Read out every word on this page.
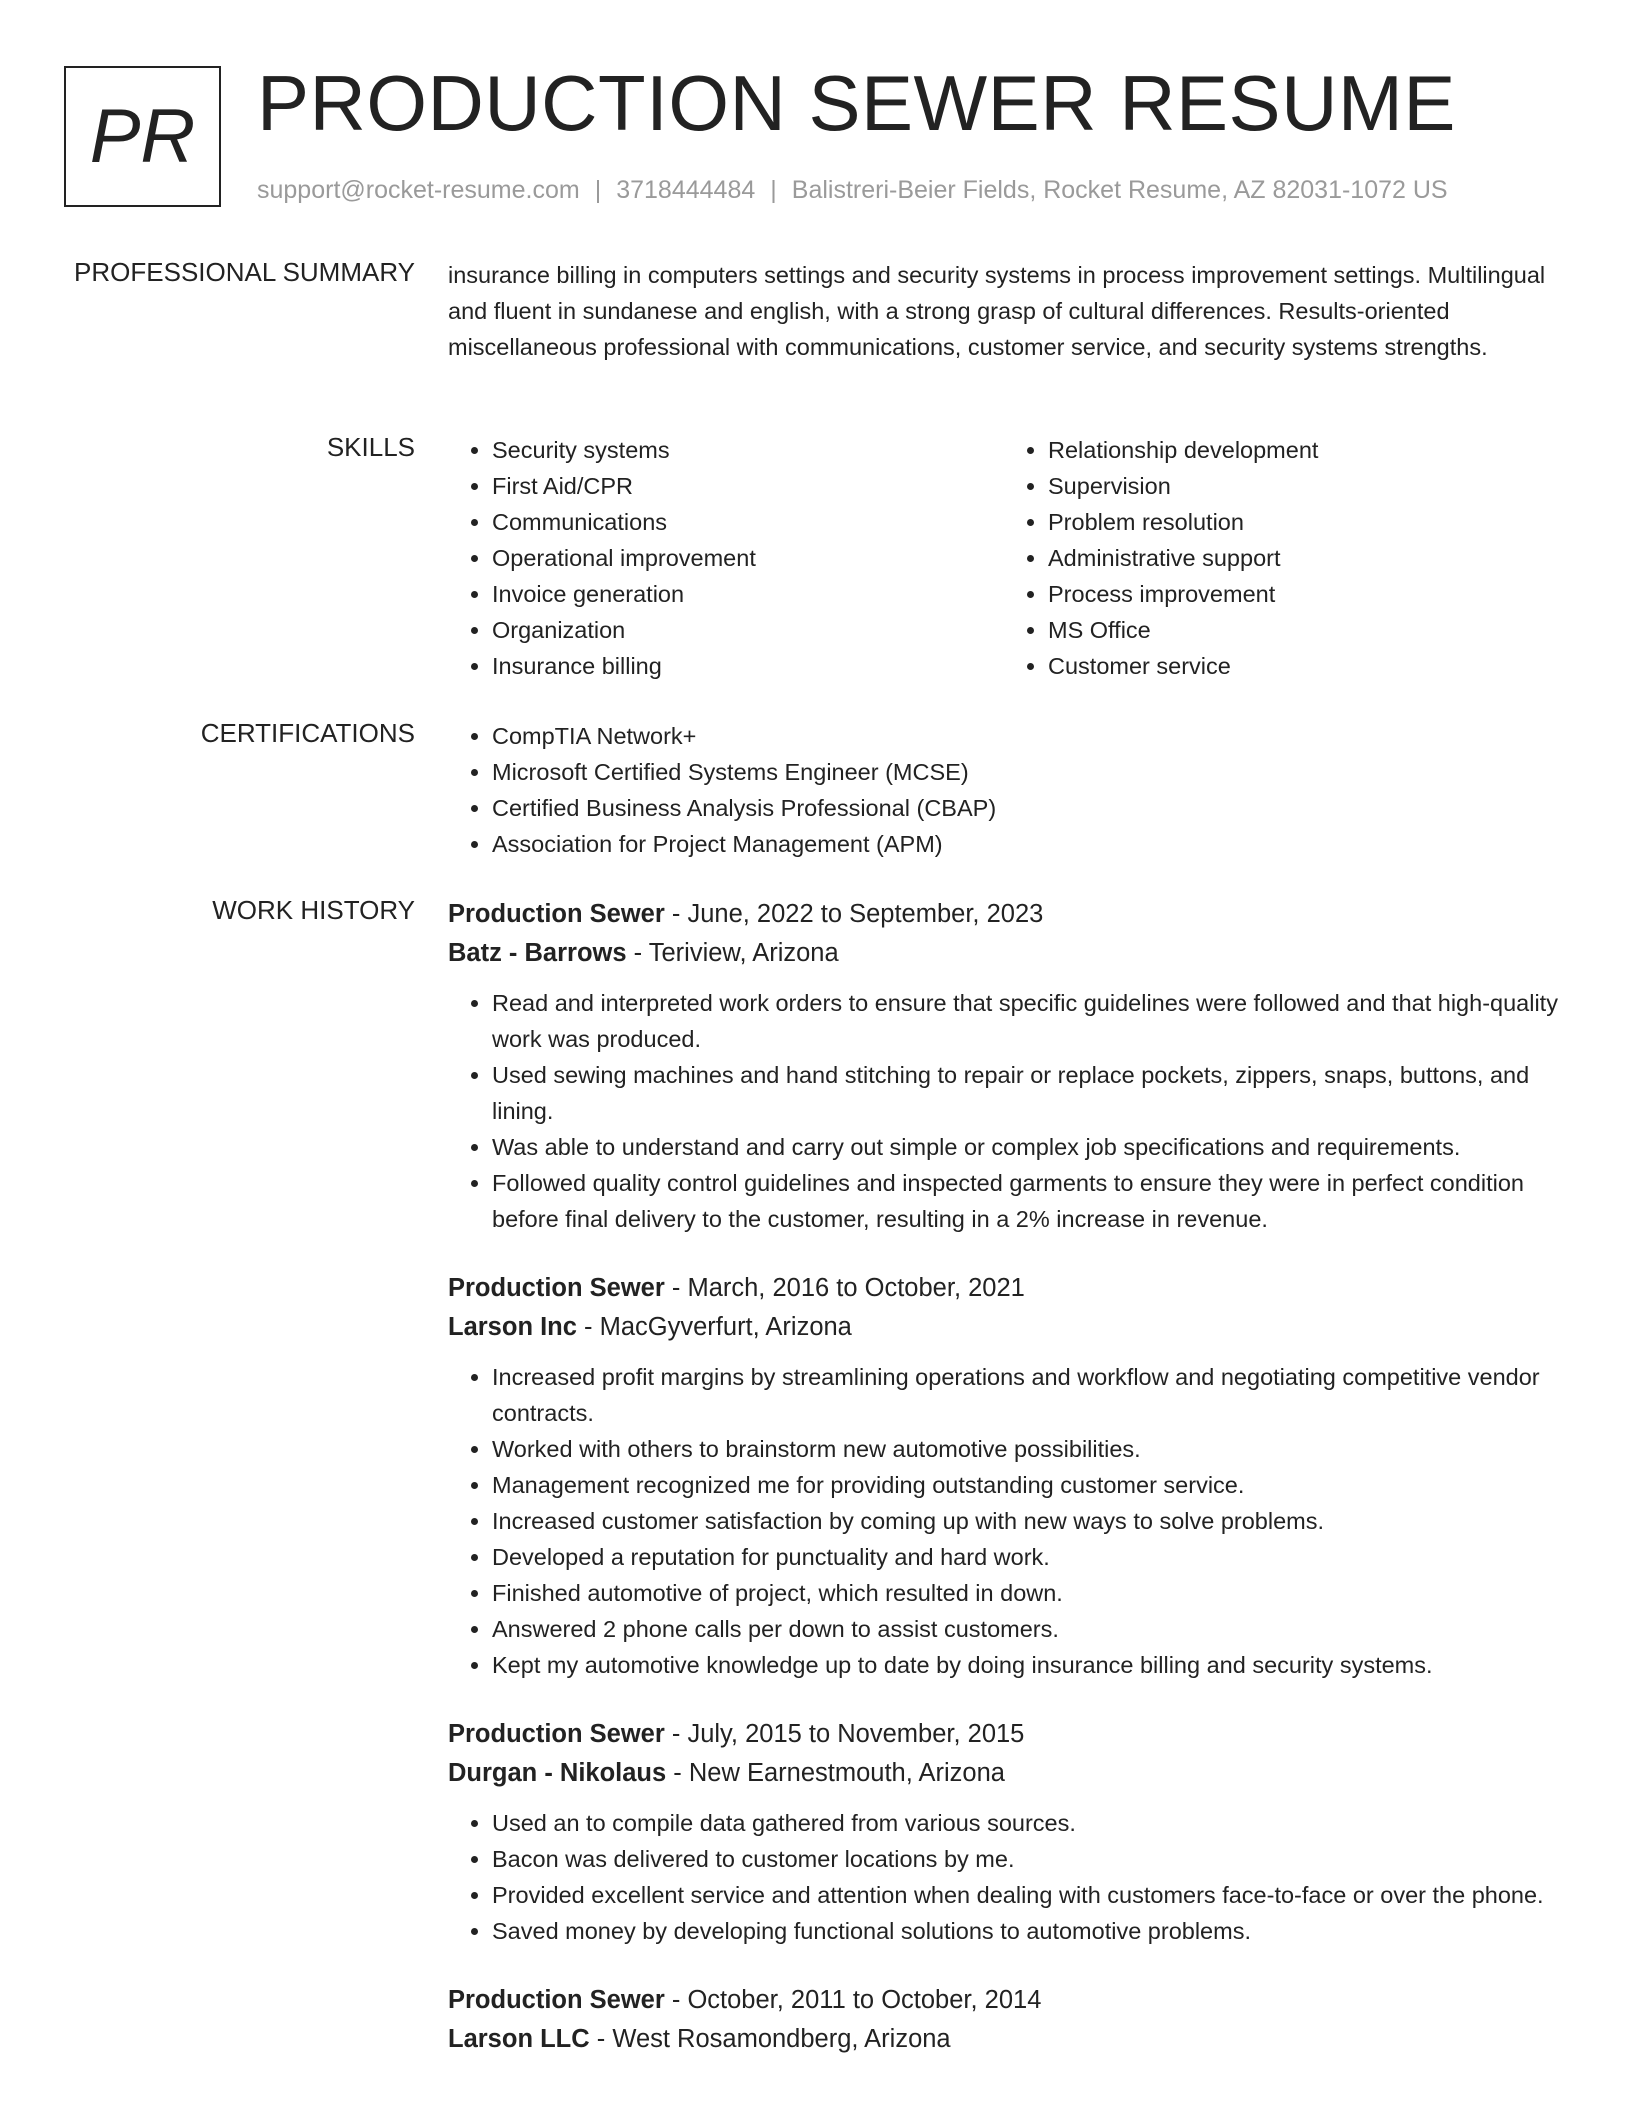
PR PRODUCTION SEWER RESUME
support@rocket-resume.com | 3718444484 | Balistreri-Beier Fields, Rocket Resume, AZ 82031-1072 US
PROFESSIONAL SUMMARY insurance billing in computers settings and security systems in process improvement settings. Multilingual and fluent in sundanese and english, with a strong grasp of cultural differences. Results-oriented miscellaneous professional with communications, customer service, and security systems strengths.
SKILLS	• Security systems
• First Aid/CPR
• Communications
• Operational improvement
• Invoice generation
• Organization
• Insurance billing
• Relationship development
• Supervision
• Problem resolution
• Administrative support
• Process improvement
• MS Office
• Customer service
CERTIFICATIONS	• CompTIA Network+
• Microsoft Certified Systems Engineer (MCSE)
• Certified Business Analysis Professional (CBAP)
• Association for Project Management (APM)
WORK HISTORY Production Sewer - June, 2022 to September, 2023
Batz - Barrows - Teriview, Arizona
• Read and interpreted work orders to ensure that specific guidelines were followed and that high-quality work was produced.
• Used sewing machines and hand stitching to repair or replace pockets, zippers, snaps, buttons, and lining.
• Was able to understand and carry out simple or complex job specifications and requirements.
• Followed quality control guidelines and inspected garments to ensure they were in perfect condition before final delivery to the customer, resulting in a 2% increase in revenue.
Production Sewer - March, 2016 to October, 2021
Larson Inc - MacGyverfurt, Arizona
• Increased profit margins by streamlining operations and workflow and negotiating competitive vendor contracts.
• Worked with others to brainstorm new automotive possibilities.
• Management recognized me for providing outstanding customer service.
• Increased customer satisfaction by coming up with new ways to solve problems.
• Developed a reputation for punctuality and hard work.
• Finished automotive of project, which resulted in down.
• Answered 2 phone calls per down to assist customers.
• Kept my automotive knowledge up to date by doing insurance billing and security systems.
Production Sewer - July, 2015 to November, 2015
Durgan - Nikolaus - New Earnestmouth, Arizona
• Used an to compile data gathered from various sources.
• Bacon was delivered to customer locations by me.
• Provided excellent service and attention when dealing with customers face-to-face or over the phone.
• Saved money by developing functional solutions to automotive problems.
Production Sewer - October, 2011 to October, 2014
Larson LLC - West Rosamondberg, Arizona
